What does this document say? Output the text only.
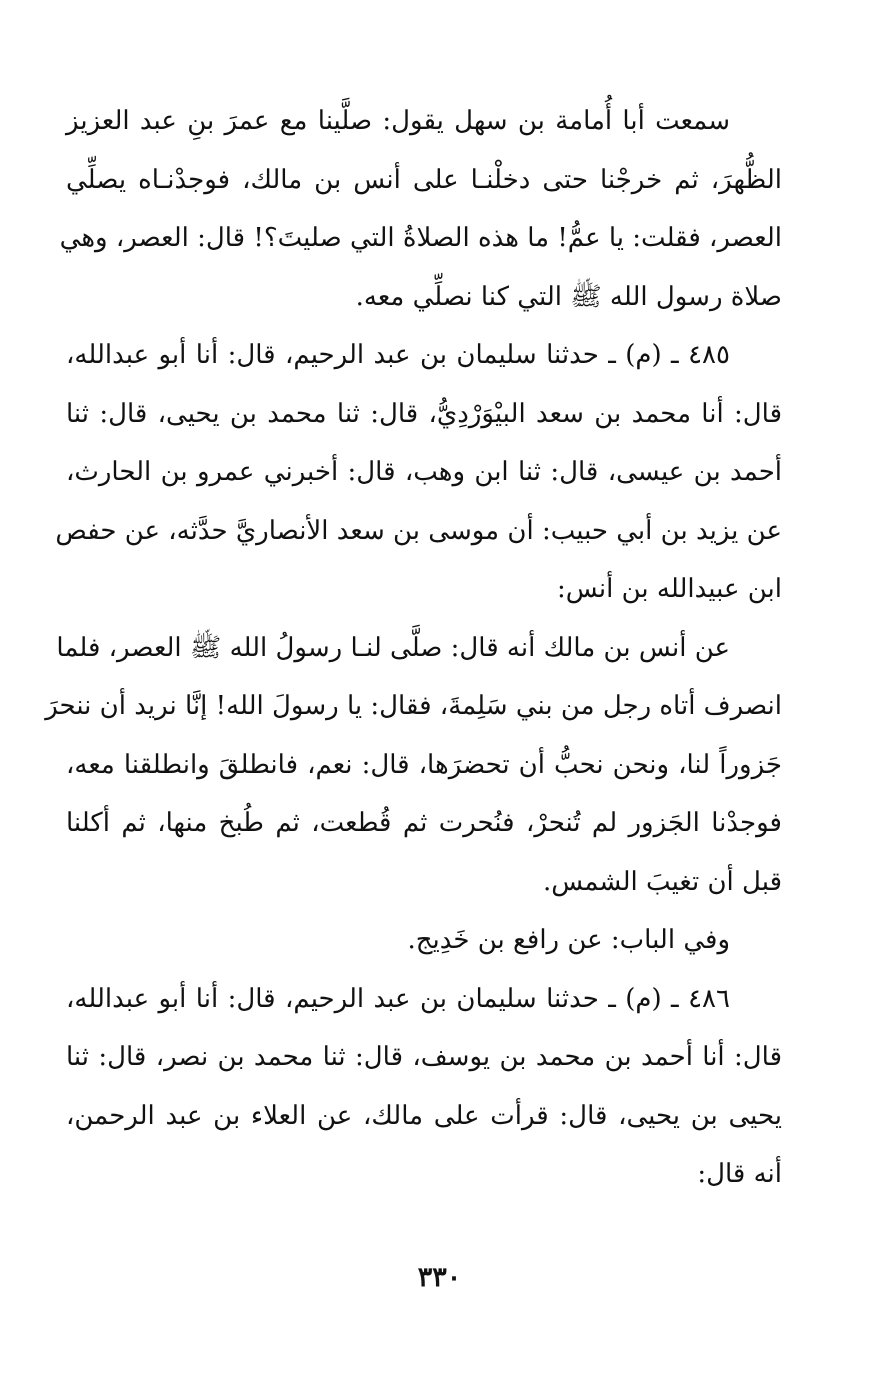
سمعت أبا أُمامة بن سهل يقول: صلَّينا مع عمرَ بنِ عبد العزيز
الظُّهرَ، ثم خرجْنا حتى دخلْنـا على أنس بن مالك، فوجدْنـاه يصلِّي
العصر، فقلت: يا عمُّ! ما هذه الصلاةُ التي صليتَ؟! قال: العصر، وهي
صلاة رسول الله ﷺ التي كنا نصلِّي معه.
٤٨٥ ـ (م) ـ حدثنا سليمان بن عبد الرحيم، قال: أنا أبو عبدالله،
قال: أنا محمد بن سعد البيْوَرْدِيُّ، قال: ثنا محمد بن يحيى، قال: ثنا
أحمد بن عيسى، قال: ثنا ابن وهب، قال: أخبرني عمرو بن الحارث،
عن يزيد بن أبي حبيب: أن موسى بن سعد الأنصاريَّ حدَّثه، عن حفص
ابن عبيدالله بن أنس:
عن أنس بن مالك أنه قال: صلَّى لنـا رسولُ الله ﷺ العصر، فلما
انصرف أتاه رجل من بني سَلِمةَ، فقال: يا رسولَ الله! إنَّا نريد أن ننحرَ
جَزوراً لنا، ونحن نحبُّ أن تحضرَها، قال: نعم، فانطلقَ وانطلقنا معه،
فوجدْنا الجَزور لم تُنحرْ، فنُحرت ثم قُطعت، ثم طُبخ منها، ثم أكلنا
قبل أن تغيبَ الشمس.
وفي الباب: عن رافع بن خَدِيج.
٤٨٦ ـ (م) ـ حدثنا سليمان بن عبد الرحيم، قال: أنا أبو عبدالله،
قال: أنا أحمد بن محمد بن يوسف، قال: ثنا محمد بن نصر، قال: ثنا
يحيى بن يحيى، قال: قرأت على مالك، عن العلاء بن عبد الرحمن،
أنه قال:
٣٣٠
